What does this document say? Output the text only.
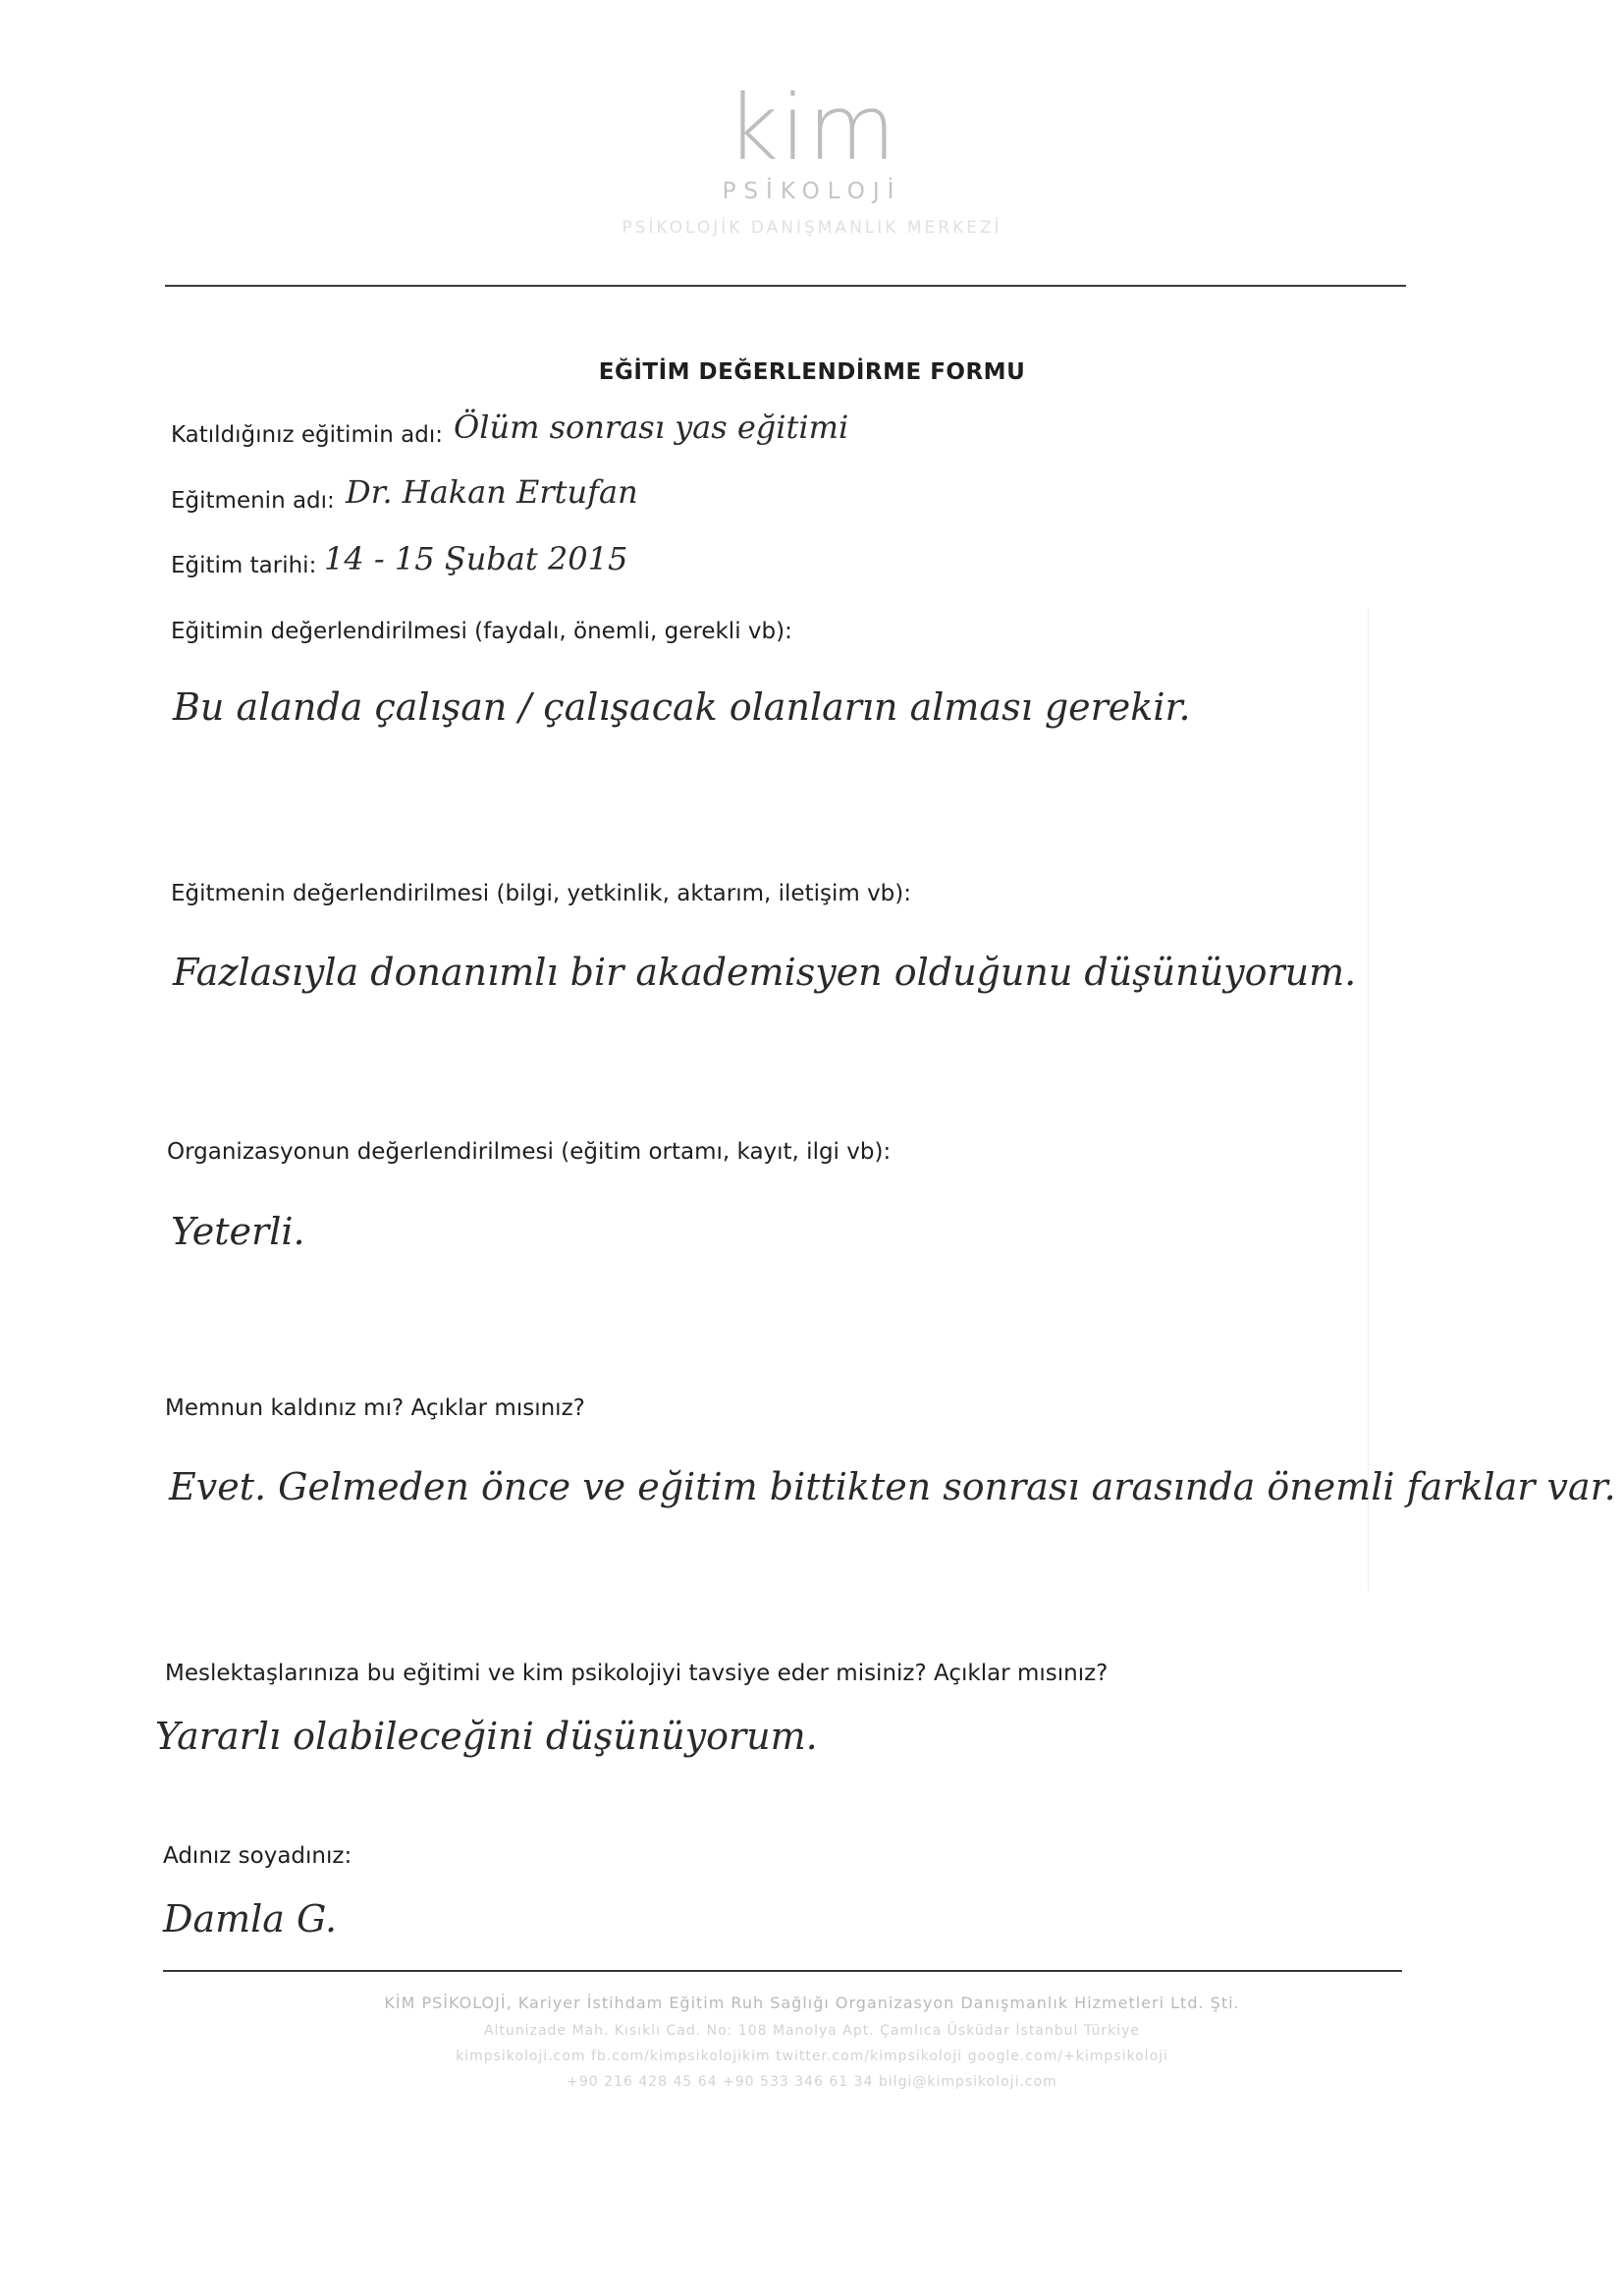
kim
PSİKOLOJİ
PSİKOLOJİK DANIŞMANLIK MERKEZİ
EĞİTİM DEĞERLENDİRME FORMU
Katıldığınız eğitimin adı: Ölüm sonrası yas eğitimi
Eğitmenin adı: Dr. Hakan Ertufan
Eğitim tarihi: 14 - 15 Şubat 2015
Eğitimin değerlendirilmesi (faydalı, önemli, gerekli vb):
Bu alanda çalışan / çalışacak olanların alması gerekir.
Eğitmenin değerlendirilmesi (bilgi, yetkinlik, aktarım, iletişim vb):
Fazlasıyla donanımlı bir akademisyen olduğunu düşünüyorum.
Organizasyonun değerlendirilmesi (eğitim ortamı, kayıt, ilgi vb):
Yeterli.
Memnun kaldınız mı? Açıklar mısınız?
Evet. Gelmeden önce ve eğitim bittikten sonrası arasında önemli farklar var.
Meslektaşlarınıza bu eğitimi ve kim psikolojiyi tavsiye eder misiniz? Açıklar mısınız?
Yararlı olabileceğini düşünüyorum.
Adınız soyadınız:
Damla G.
KİM PSİKOLOJİ, Kariyer İstihdam Eğitim Ruh Sağlığı Organizasyon Danışmanlık Hizmetleri Ltd. Şti.
Altunizade Mah. Kısıklı Cad. No: 108 Manolya Apt. Çamlıca Üsküdar İstanbul Türkiye
kimpsikoloji.com fb.com/kimpsikolojikim twitter.com/kimpsikoloji google.com/+kimpsikoloji
+90 216 428 45 64 +90 533 346 61 34 bilgi@kimpsikoloji.com
